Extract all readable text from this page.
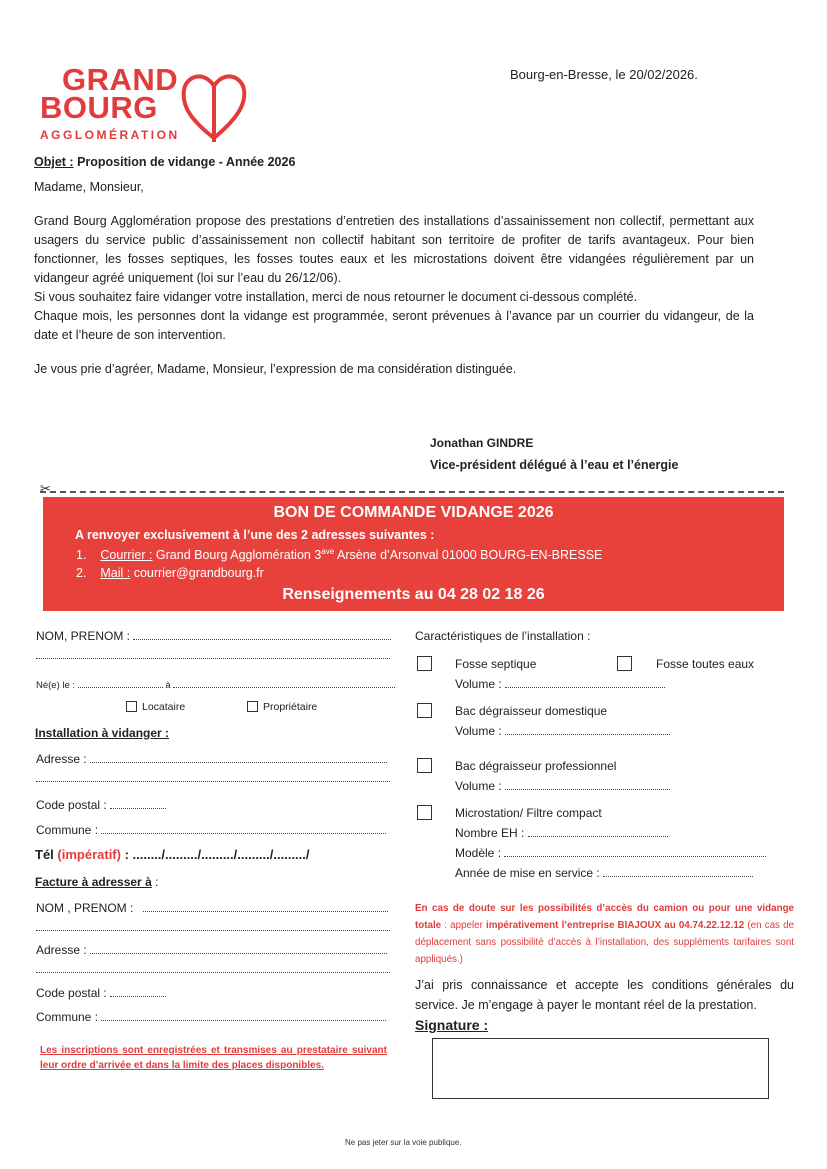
GRAND
BOURG
AGGLOMÉRATION
Bourg-en-Bresse, le 20/02/2026.
Objet : Proposition de vidange - Année 2026
Madame, Monsieur,
Grand Bourg Agglomération propose des prestations d’entretien des installations d’assainissement non collectif, permettant aux usagers du service public d’assainissement non collectif habitant son territoire de profiter de tarifs avantageux. Pour bien fonctionner, les fosses septiques, les fosses toutes eaux et les microstations doivent être vidangées régulièrement par un vidangeur agréé uniquement (loi sur l’eau du 26/12/06).
Si vous souhaitez faire vidanger votre installation, merci de nous retourner le document ci-dessous complété.
Chaque mois, les personnes dont la vidange est programmée, seront prévenues à l’avance par un courrier du vidangeur, de la date et l’heure de son intervention.
Je vous prie d’agréer, Madame, Monsieur, l’expression de ma considération distinguée.
Jonathan GINDRE
Vice-président délégué à l’eau et l’énergie
✂
BON DE COMMANDE VIDANGE 2026
A renvoyer exclusivement à l’une des 2 adresses suivantes :
1. Courrier : Grand Bourg Agglomération $3^{ave}$ Arsène d’Arsonval 01000 BOURG-EN-BRESSE
2. Mail : courrier@grandbourg.fr
Renseignements au 04 28 02 18 26
NOM, PRENOM :
Né(e) le :	à
Locataire	Propriétaire
Installation à vidanger :
Adresse :
Code postal :
Commune :
Tél (impératif) : ......../........./........./........./........./
Facture à adresser à :
NOM , PRENOM :
Adresse :
Code postal :
Commune :
Les inscriptions sont enregistrées et transmises au prestataire suivant leur ordre d’arrivée et dans la limite des places disponibles.
Caractéristiques de l’installation :
Fosse septique	Fosse toutes eaux
Volume :
Bac dégraisseur domestique
Volume :
Bac dégraisseur professionnel
Volume :
Microstation/ Filtre compact
Nombre EH :
Modèle :
Année de mise en service :
En cas de doute sur les possibilités d’accès du camion ou pour une vidange totale : appeler impérativement l’entreprise BIAJOUX au 04.74.22.12.12 (en cas de déplacement sans possibilité d’accès à l’installation, des suppléments tarifaires sont appliqués.)
J’ai pris connaissance et accepte les conditions générales du service. Je m’engage à payer le montant réel de la prestation.
Signature :
Ne pas jeter sur la voie publique.
